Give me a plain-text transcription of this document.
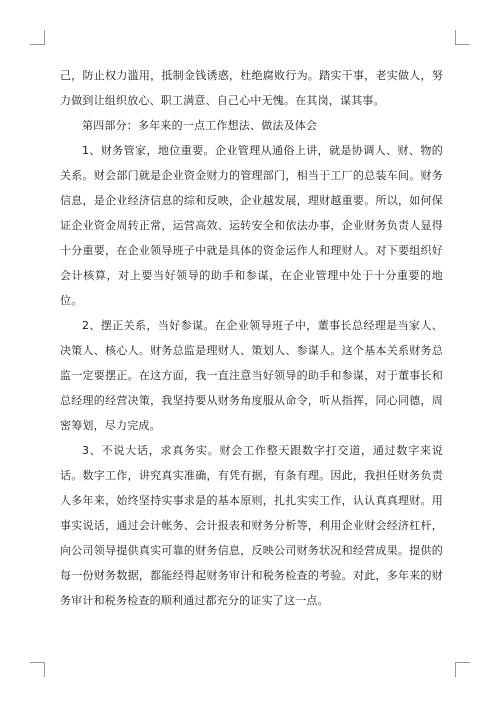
己，防止权力滥用，抵制金钱诱惑，杜绝腐败行为。踏实干事，老实做人，努力做到让组织放心、职工满意、自己心中无愧。在其岗，谋其事。

第四部分：多年来的一点工作想法、做法及体会

1、财务管家，地位重要。企业管理从通俗上讲，就是协调人、财、物的关系。财会部门就是企业资金财力的管理部门，相当于工厂的总装车间。财务信息，是企业经济信息的综和反映，企业越发展，理财越重要。所以，如何保证企业资金周转正常，运营高效、运转安全和依法办事，企业财务负责人显得十分重要，在企业领导班子中就是具体的资金运作人和理财人。对下要组织好会计核算，对上要当好领导的助手和参谋，在企业管理中处于十分重要的地位。

2、摆正关系，当好参谋。在企业领导班子中，董事长总经理是当家人、决策人、核心人。财务总监是理财人、策划人、参谋人。这个基本关系财务总监一定要摆正。在这方面，我一直注意当好领导的助手和参谋，对于董事长和总经理的经营决策，我坚持要从财务角度服从命令，听从指挥，同心同德，周密筹划，尽力完成。

3、不说大话，求真务实。财会工作整天跟数字打交道，通过数字来说话。数字工作，讲究真实准确，有凭有据，有条有理。因此，我担任财务负责人多年来，始终坚持实事求是的基本原则，扎扎实实工作，认认真真理财。用事实说话，通过会计帐务、会计报表和财务分析等，利用企业财会经济杠杆，向公司领导提供真实可靠的财务信息，反映公司财务状况和经营成果。提供的每一份财务数据，都能经得起财务审计和税务检查的考验。对此，多年来的财务审计和税务检查的顺利通过都充分的证实了这一点。
